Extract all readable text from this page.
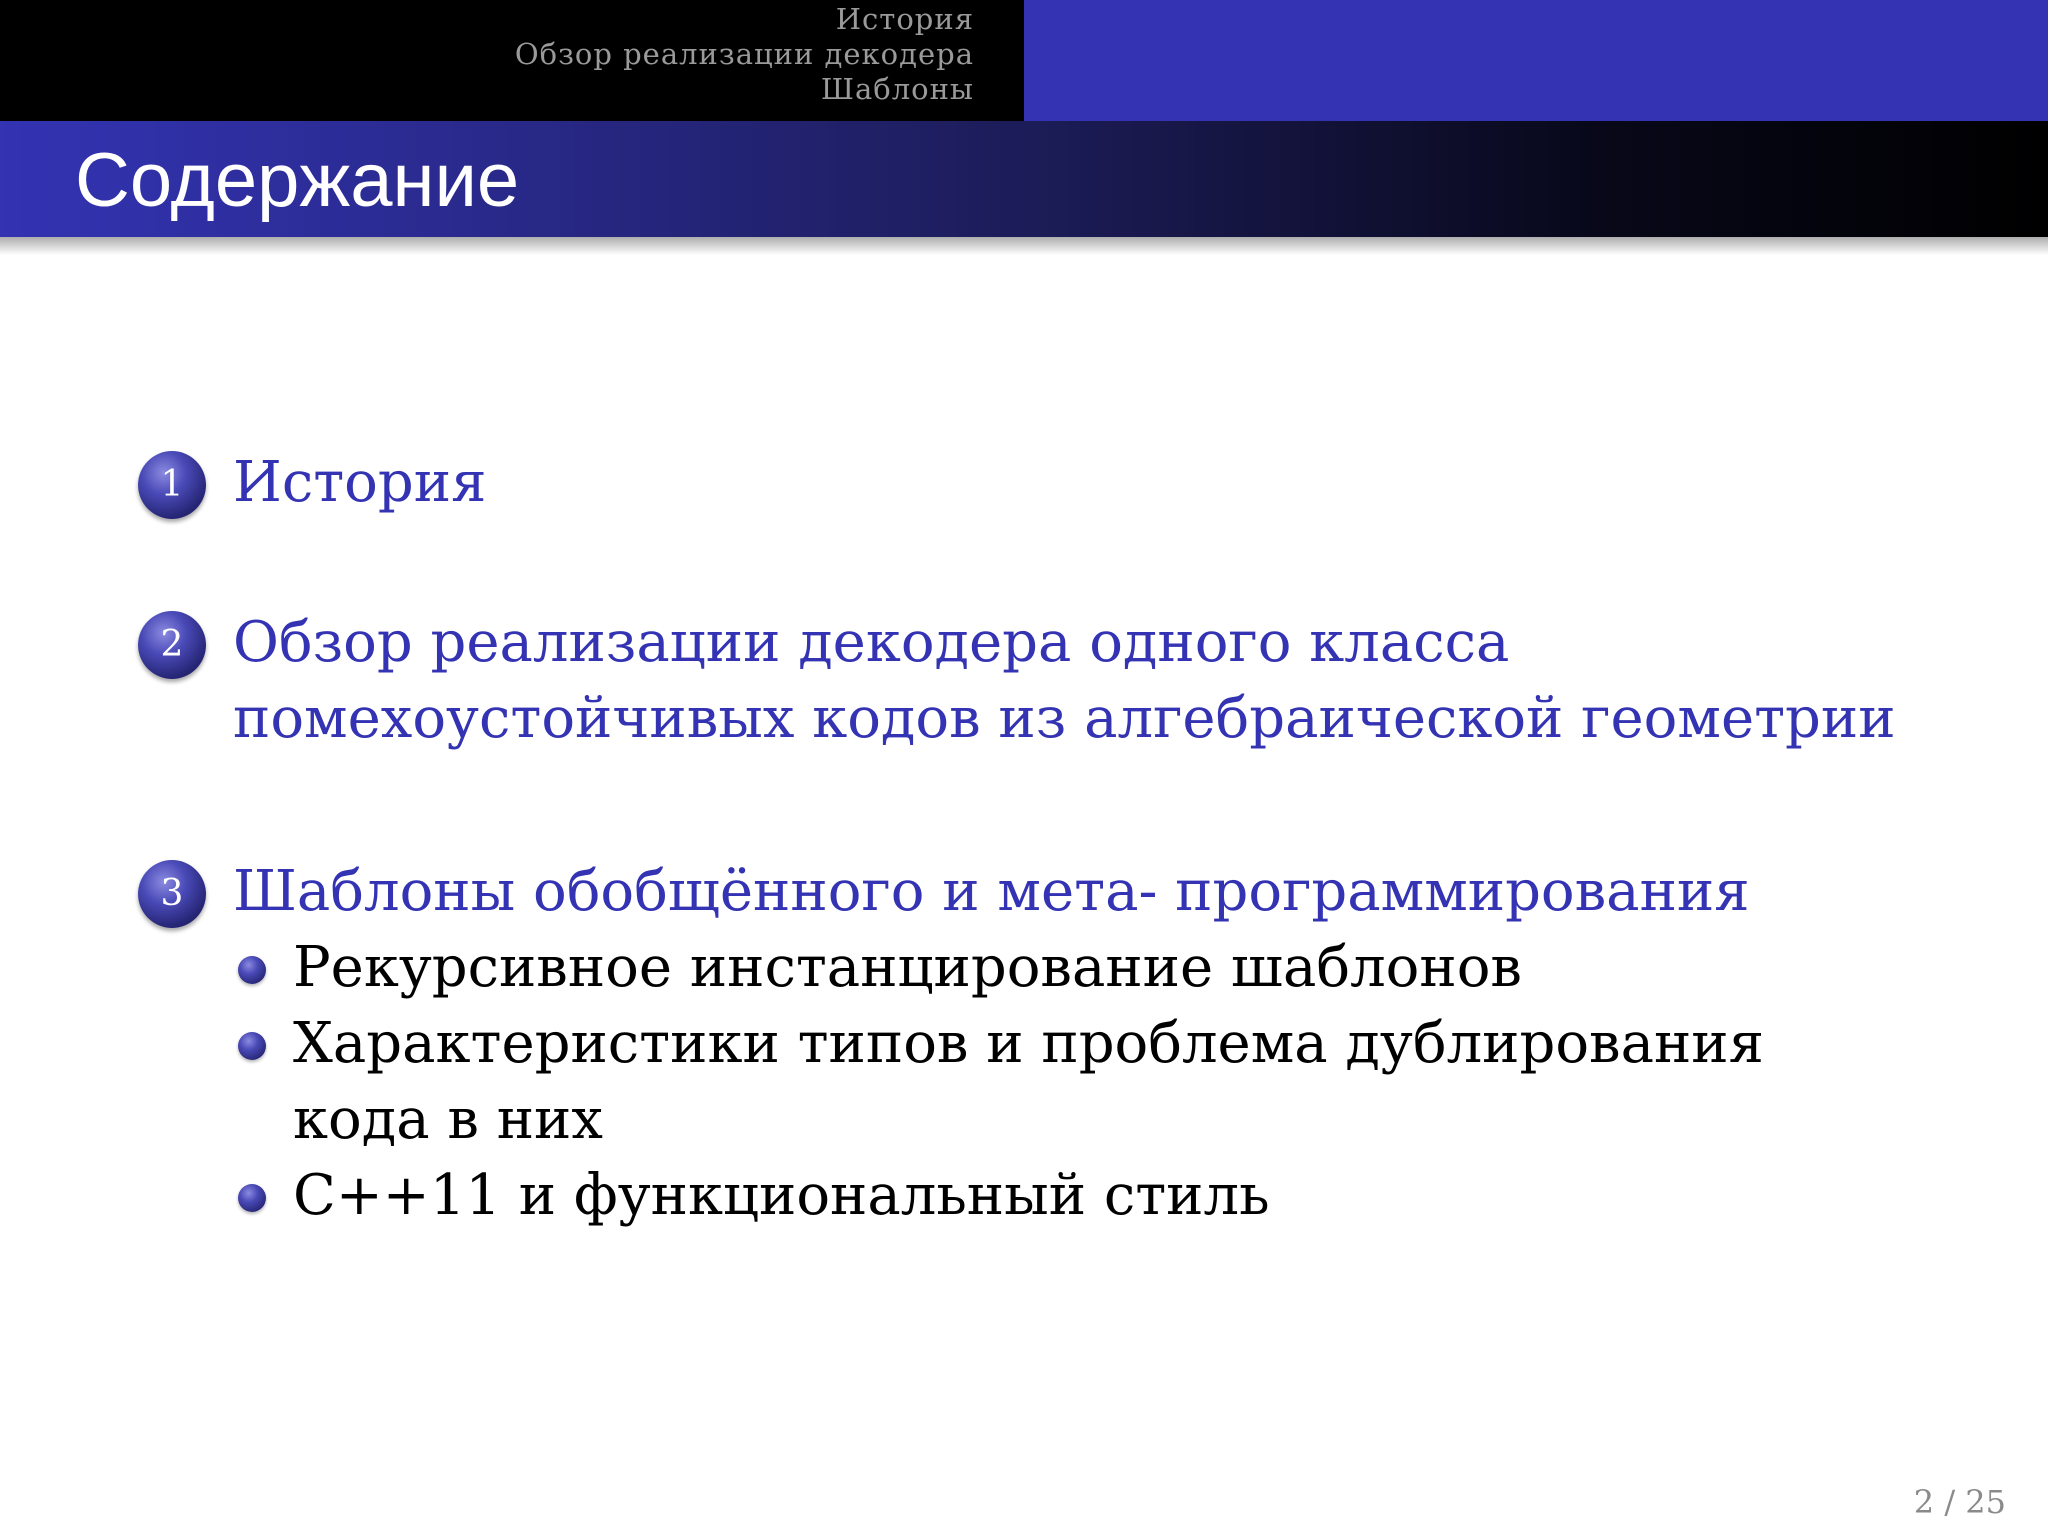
История
Обзор реализации декодера
Шаблоны
Содержание
1 История
2 Обзор реализации декодера одного класса
помехоустойчивых кодов из алгебраической геометрии
3 Шаблоны обобщённого и мета- программирования
Рекурсивное инстанцирование шаблонов
Характеристики типов и проблема дублирования кода в них
C++11 и функциональный стиль
2 / 25
